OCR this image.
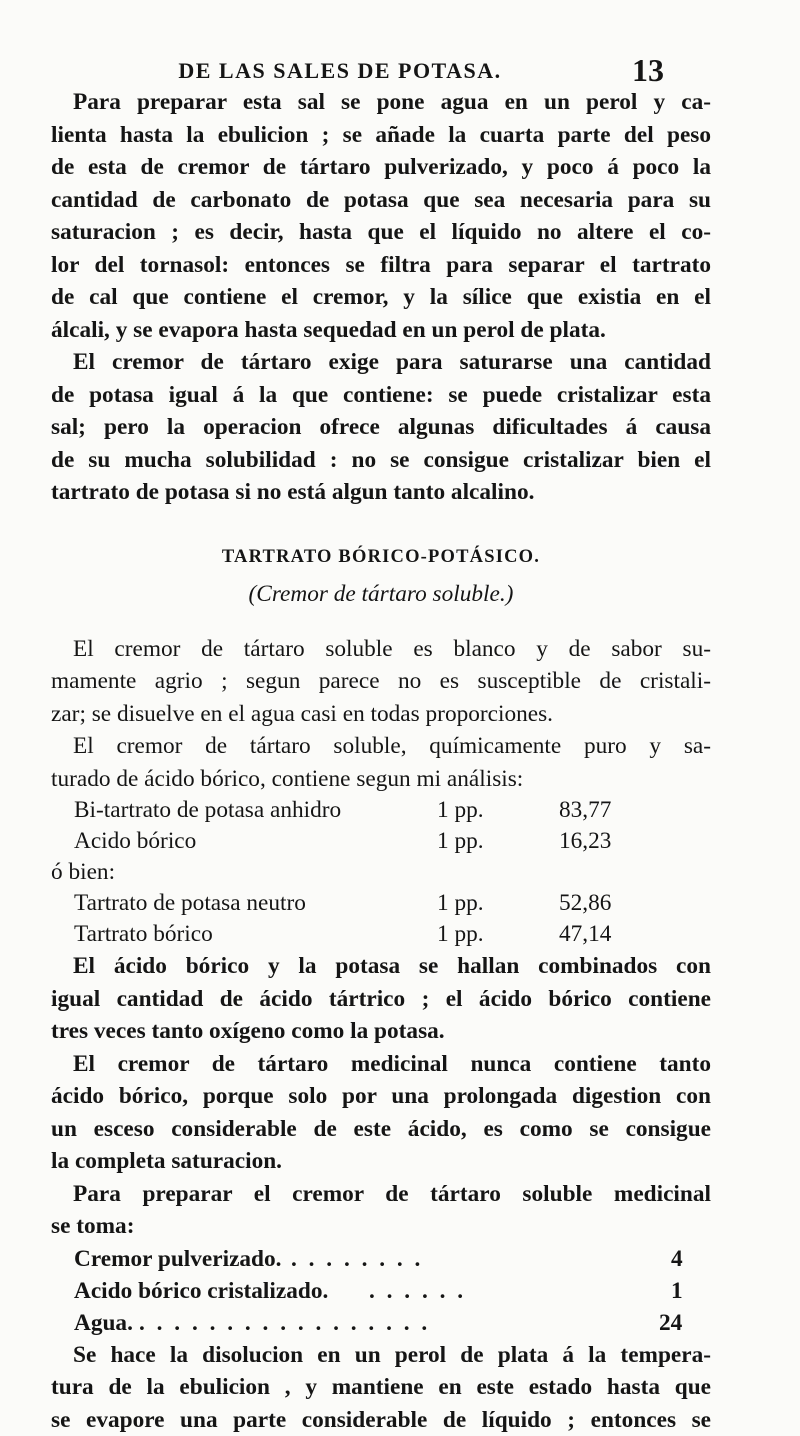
DE LAS SALES DE POTASA.	13

Para preparar esta sal se pone agua en un perol y ca-

lienta hasta la ebulicion ; se añade la cuarta parte del peso

de esta de cremor de tártaro pulverizado, y poco á poco la

cantidad de carbonato de potasa que sea necesaria para su

saturacion ; es decir, hasta que el líquido no altere el co-

lor del tornasol: entonces se filtra para separar el tartrato

de cal que contiene el cremor, y la sílice que existia en el

álcali, y se evapora hasta sequedad en un perol de plata.

El cremor de tártaro exige para saturarse una cantidad

de potasa igual á la que contiene: se puede cristalizar esta

sal; pero la operacion ofrece algunas dificultades á causa

de su mucha solubilidad : no se consigue cristalizar bien el

tartrato de potasa si no está algun tanto alcalino.

TARTRATO BÓRICO-POTÁSICO.
(Cremor de tártaro soluble.)

El cremor de tártaro soluble es blanco y de sabor su-

mamente agrio ; segun parece no es susceptible de cristali-

zar; se disuelve en el agua casi en todas proporciones.

El cremor de tártaro soluble, químicamente puro y sa-

turado de ácido bórico, contiene segun mi análisis:

Bi-tartrato de potasa anhidro	1 pp.	83,77
Acido bórico	1 pp.	16,23
ó bien:
Tartrato de potasa neutro	1 pp.	52,86
Tartrato bórico	1 pp.	47,14

El ácido bórico y la potasa se hallan combinados con

igual cantidad de ácido tártrico ; el ácido bórico contiene

tres veces tanto oxígeno como la potasa.

El cremor de tártaro medicinal nunca contiene tanto

ácido bórico, porque solo por una prolongada digestion con

un esceso considerable de este ácido, es como se consigue

la completa saturacion.

Para preparar el cremor de tártaro soluble medicinal

se toma:

Cremor pulverizado. . . . . . . . .	4
Acido bórico cristalizado. . . . . . .	1
Agua. . . . . . . . . . . . . . . . . .	24

Se hace la disolucion en un perol de plata á la tempera-

tura de la ebulicion , y mantiene en este estado hasta que

se evapore una parte considerable de líquido ; entonces se
